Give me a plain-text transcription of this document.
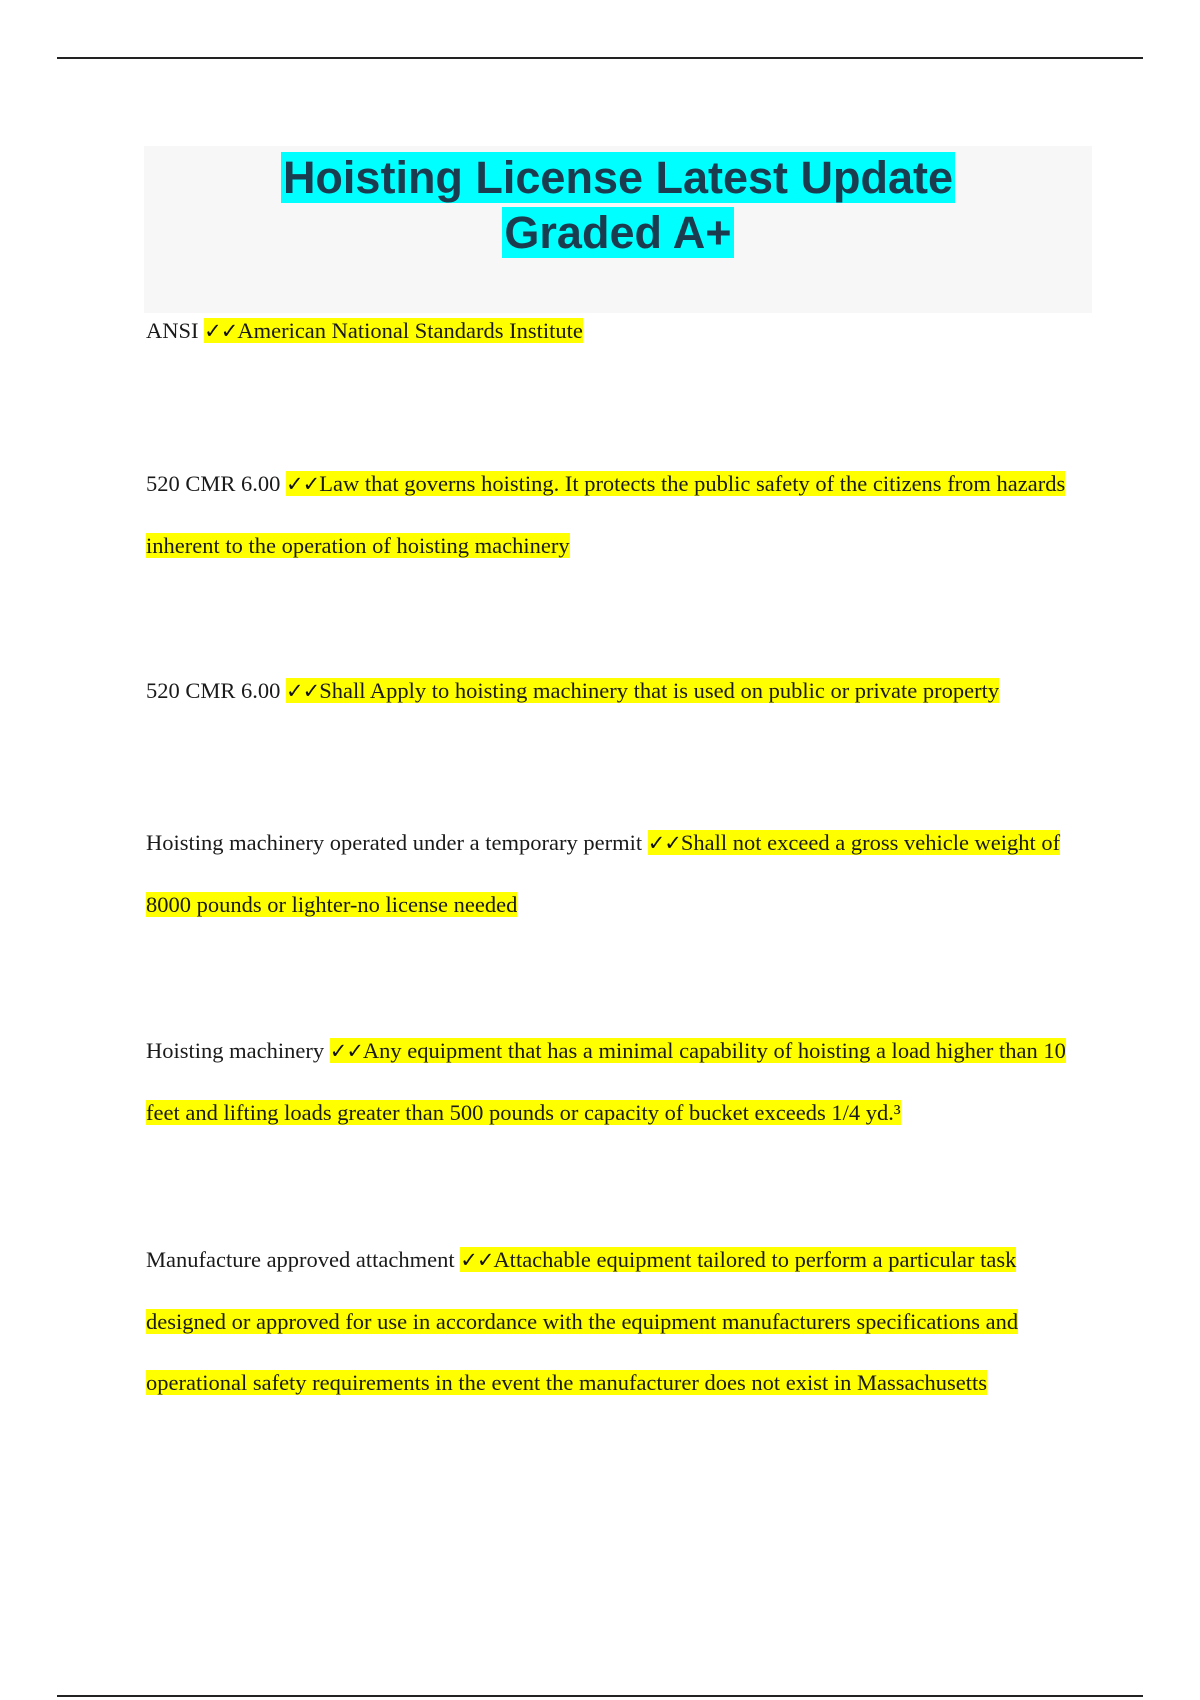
Hoisting License Latest Update
Graded A+
ANSI ✓✓American National Standards Institute
520 CMR 6.00 ✓✓Law that governs hoisting. It protects the public safety of the citizens from hazards inherent to the operation of hoisting machinery
520 CMR 6.00 ✓✓Shall Apply to hoisting machinery that is used on public or private property
Hoisting machinery operated under a temporary permit ✓✓Shall not exceed a gross vehicle weight of 8000 pounds or lighter-no license needed
Hoisting machinery ✓✓Any equipment that has a minimal capability of hoisting a load higher than 10 feet and lifting loads greater than 500 pounds or capacity of bucket exceeds 1/4 yd.³
Manufacture approved attachment ✓✓Attachable equipment tailored to perform a particular task designed or approved for use in accordance with the equipment manufacturers specifications and operational safety requirements in the event the manufacturer does not exist in Massachusetts
